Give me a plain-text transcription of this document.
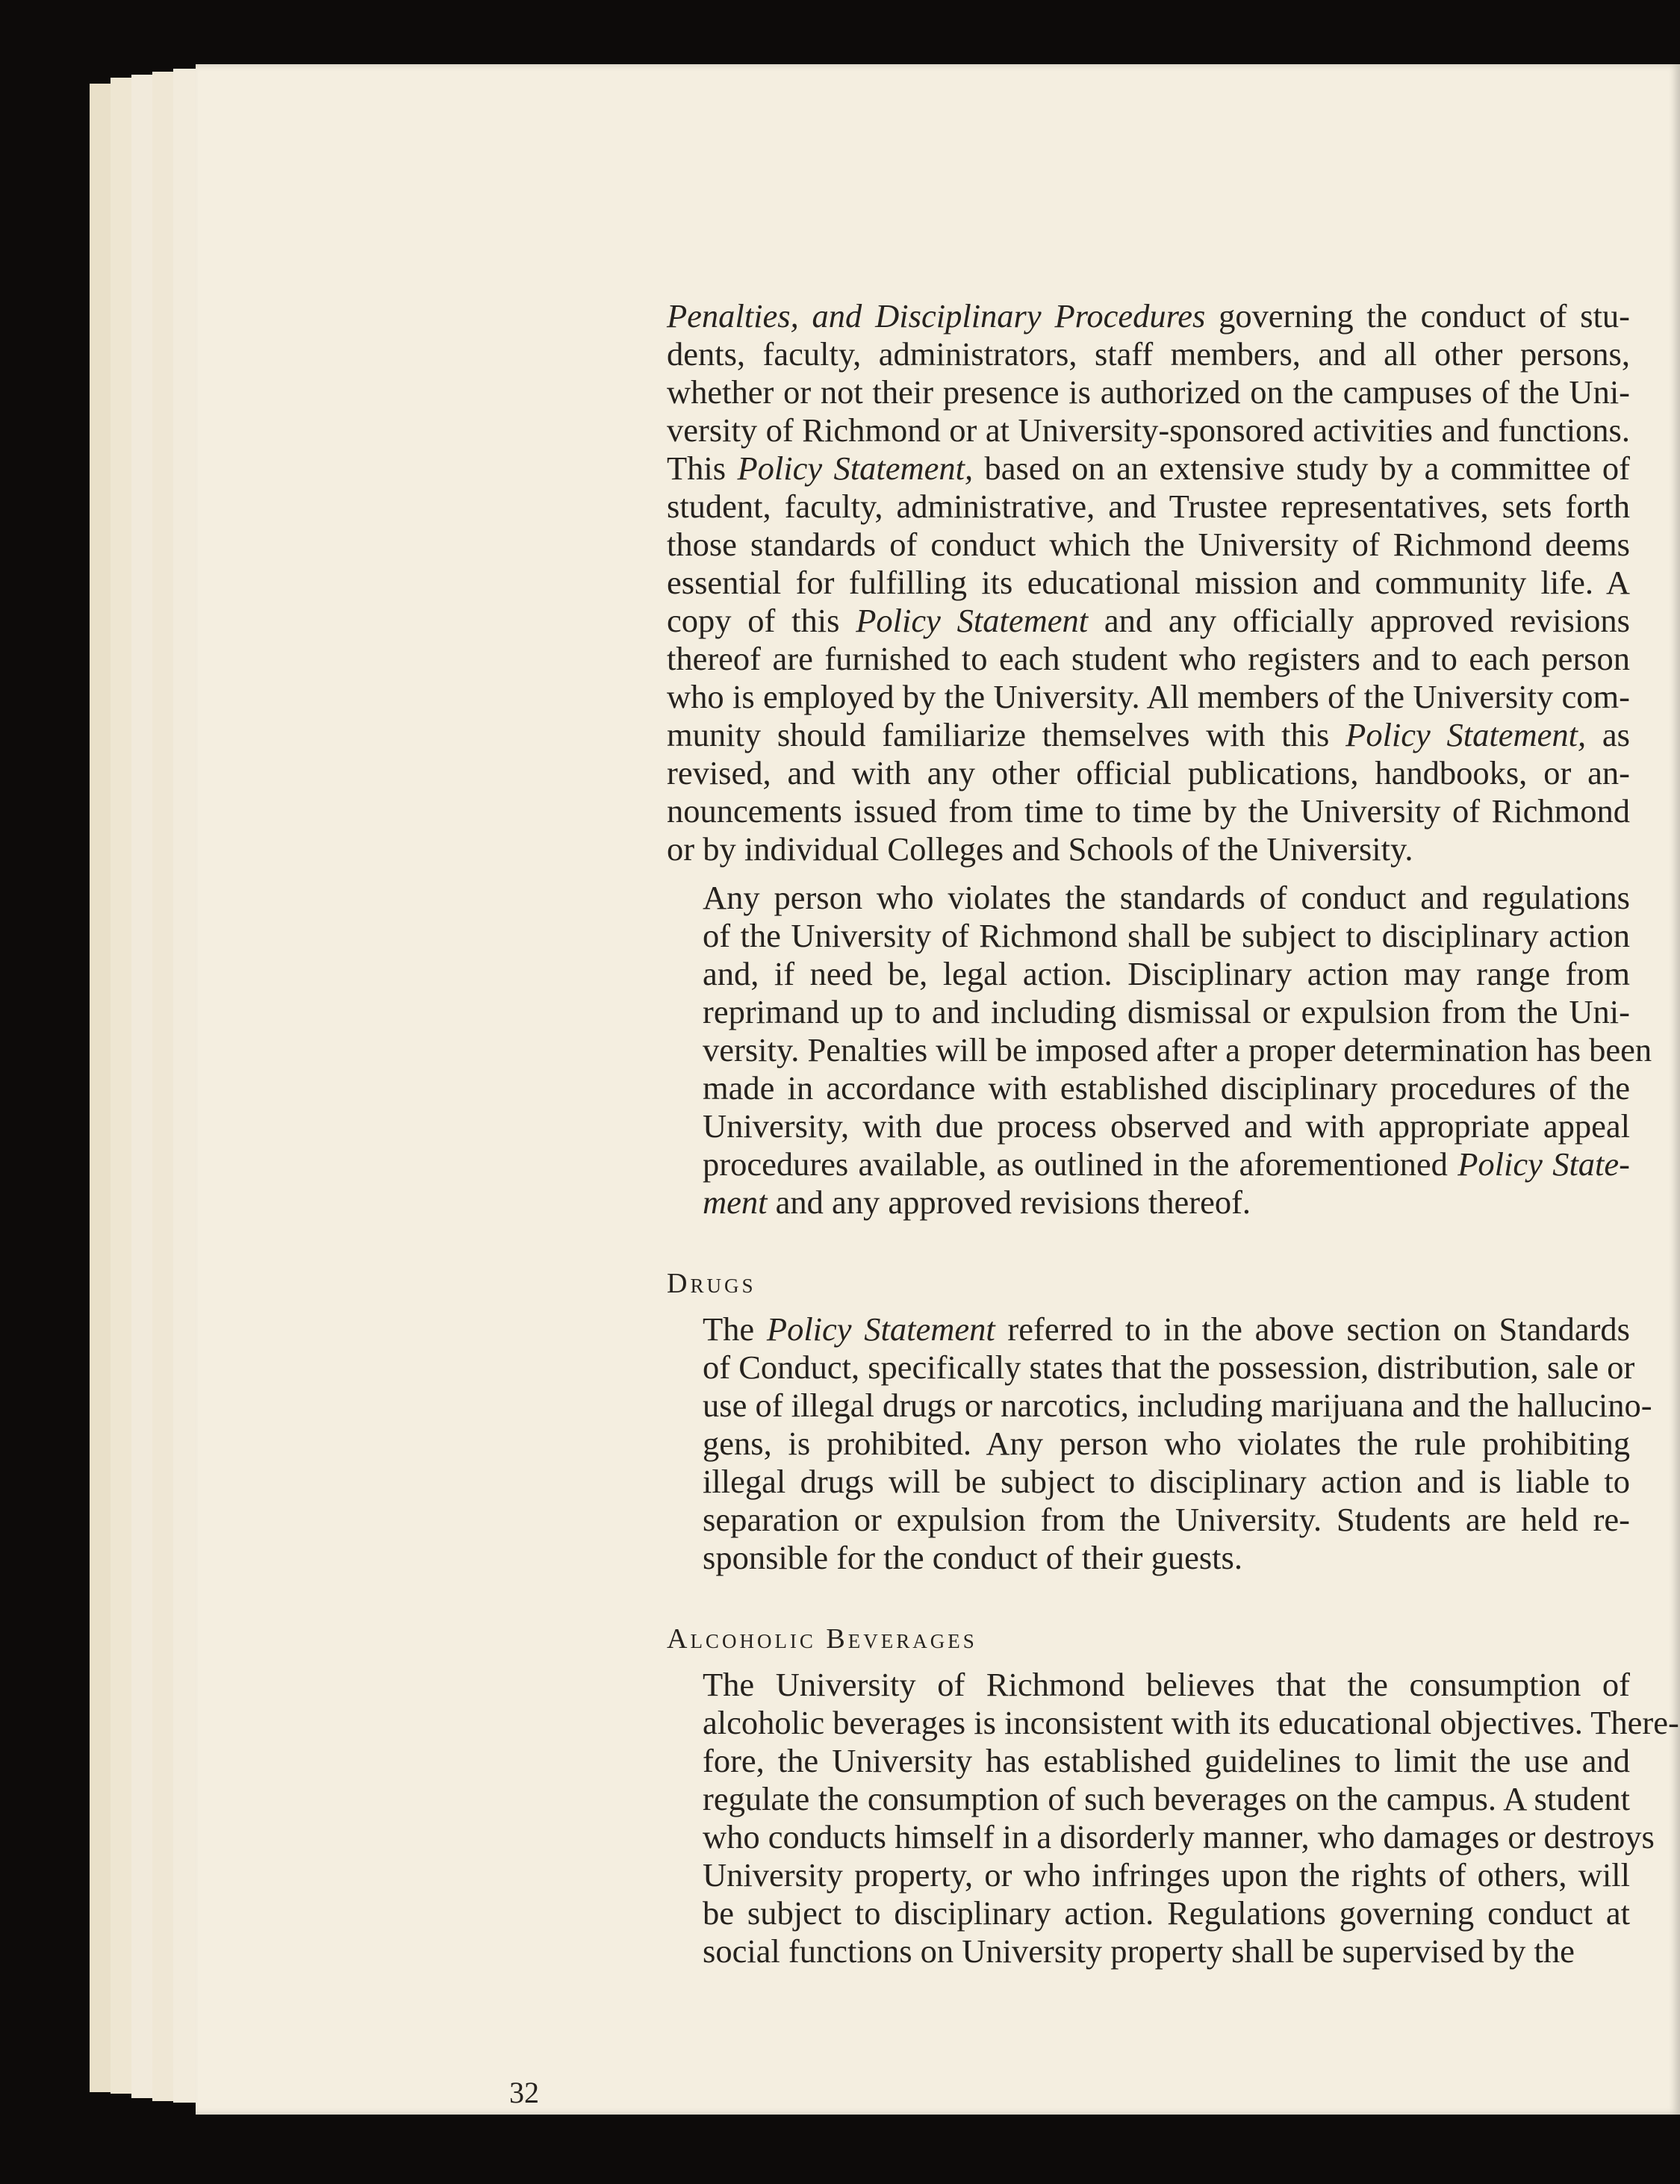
32
Penalties, and Disciplinary Procedures governing the conduct of stu-
dents, faculty, administrators, staff members, and all other persons,
whether or not their presence is authorized on the campuses of the Uni-
versity of Richmond or at University-sponsored activities and functions.
This Policy Statement, based on an extensive study by a committee of
student, faculty, administrative, and Trustee representatives, sets forth
those standards of conduct which the University of Richmond deems
essential for fulfilling its educational mission and community life. A
copy of this Policy Statement and any officially approved revisions
thereof are furnished to each student who registers and to each person
who is employed by the University. All members of the University com-
munity should familiarize themselves with this Policy Statement, as
revised, and with any other official publications, handbooks, or an-
nouncements issued from time to time by the University of Richmond
or by individual Colleges and Schools of the University.
Any person who violates the standards of conduct and regulations
of the University of Richmond shall be subject to disciplinary action
and, if need be, legal action. Disciplinary action may range from
reprimand up to and including dismissal or expulsion from the Uni-
versity. Penalties will be imposed after a proper determination has been
made in accordance with established disciplinary procedures of the
University, with due process observed and with appropriate appeal
procedures available, as outlined in the aforementioned Policy State-
ment and any approved revisions thereof.
Drugs
The Policy Statement referred to in the above section on Standards
of Conduct, specifically states that the possession, distribution, sale or
use of illegal drugs or narcotics, including marijuana and the hallucino-
gens, is prohibited. Any person who violates the rule prohibiting
illegal drugs will be subject to disciplinary action and is liable to
separation or expulsion from the University. Students are held re-
sponsible for the conduct of their guests.
Alcoholic Beverages
The University of Richmond believes that the consumption of
alcoholic beverages is inconsistent with its educational objectives. There-
fore, the University has established guidelines to limit the use and
regulate the consumption of such beverages on the campus. A student
who conducts himself in a disorderly manner, who damages or destroys
University property, or who infringes upon the rights of others, will
be subject to disciplinary action. Regulations governing conduct at
social functions on University property shall be supervised by the
